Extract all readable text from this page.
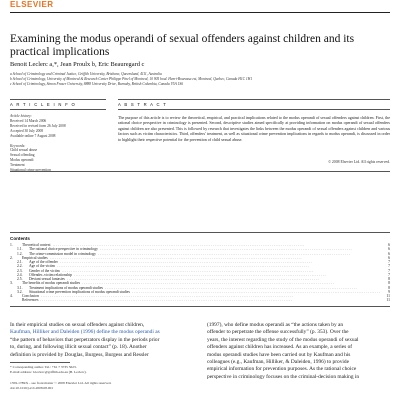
ELSEVIER
Examining the modus operandi of sexual offenders against children and its practical implications
Benoit Leclerc a,*, Jean Proulx b, Eric Beauregard c
a School of Criminology and Criminal Justice, Griffith University, Brisbane, Queensland, 4111, Australia
b School of Criminology, University of Montreal & Research Center Philippe Pinel of Montreal, 10 905 boul. Henri-Bourassa est, Montreal, Quebec, Canada H1C 1H1
c School of Criminology, Simon Fraser University, 8888 University Drive, Burnaby, British Columbia, Canada V5A 1S6
A R T I C L E I N F O	A B S T R A C T
Article history:
Received 14 March 2006
Received in revised form 26 July 2008
Accepted 30 July 2008
Available online 7 August 2008
Keywords:
Child sexual abuse
Sexual offending
Modus operandi
Treatment
Situational crime prevention
The purpose of this article is to review the theoretical, empirical, and practical implications related to the modus operandi of sexual offenders against children. First, the rational choice perspective in criminology is presented. Second, descriptive studies aimed specifically at providing information on modus operandi of sexual offenders against children are also presented. This is followed by research that investigates the links between the modus operandi of sexual offenders against children and various factors such as victim characteristics. Third, offenders' treatment, as well as situational crime prevention implications in regards to modus operandi, is discussed in order to highlight their respective potential for the prevention of child sexual abuse.
© 2008 Elsevier Ltd. All rights reserved.
Contents
1.	Theoretical context . . .	6
1.1.	The rational choice perspective in criminology . . .	6
1.2.	The crime-commission model in criminology . . .	6
2.	Empirical studies . . .	6
2.1.	Age of the offender . . .	7
2.2.	Age of the victim . . .	7
2.3.	Gender of the victim . . .	7
2.4.	Offender–victim relationship . . .	7
2.5.	Deviant sexual fantasies . . .	8
3.	The benefits of modus operandi studies . . .	8
3.1.	Treatment implications of modus operandi studies . . .	8
3.2.	Situational crime prevention implications of modus operandi studies . . .	9
4.	Conclusion . . .	11
References . . .	11
In their empirical studies on sexual offenders against children,
Kaufman, Hilliker and Daleiden (1996) define the modus operandi as
“the pattern of behaviors that perpetrators display in the periods prior
to, during, and following illicit sexual contact” (p. 18). Another
definition is provided by Douglas, Burgess, Burgess and Ressler
(1997), who define modus operandi as “the actions taken by an
offender to perpetrate the offense successfully” (p. 353). Over the
years, the interest regarding the study of the modus operandi of sexual
offenders against children has increased. As an example, a series of
modus operandi studies have been carried out by Kaufman and his
colleagues (e.g., Kaufman, Hilliker, & Daleiden, 1996) to provide
empirical information for prevention purposes. As the rational choice
perspective in criminology focuses on the criminal-decision making in
* Corresponding author. Tel.: +61 7 3735 5623.
E-mail address: b.leclerc@griffith.edu.au (B. Leclerc).
1359-1789/$ – see front matter © 2008 Elsevier Ltd. All rights reserved.
doi:10.1016/j.avb.2008.08.001
